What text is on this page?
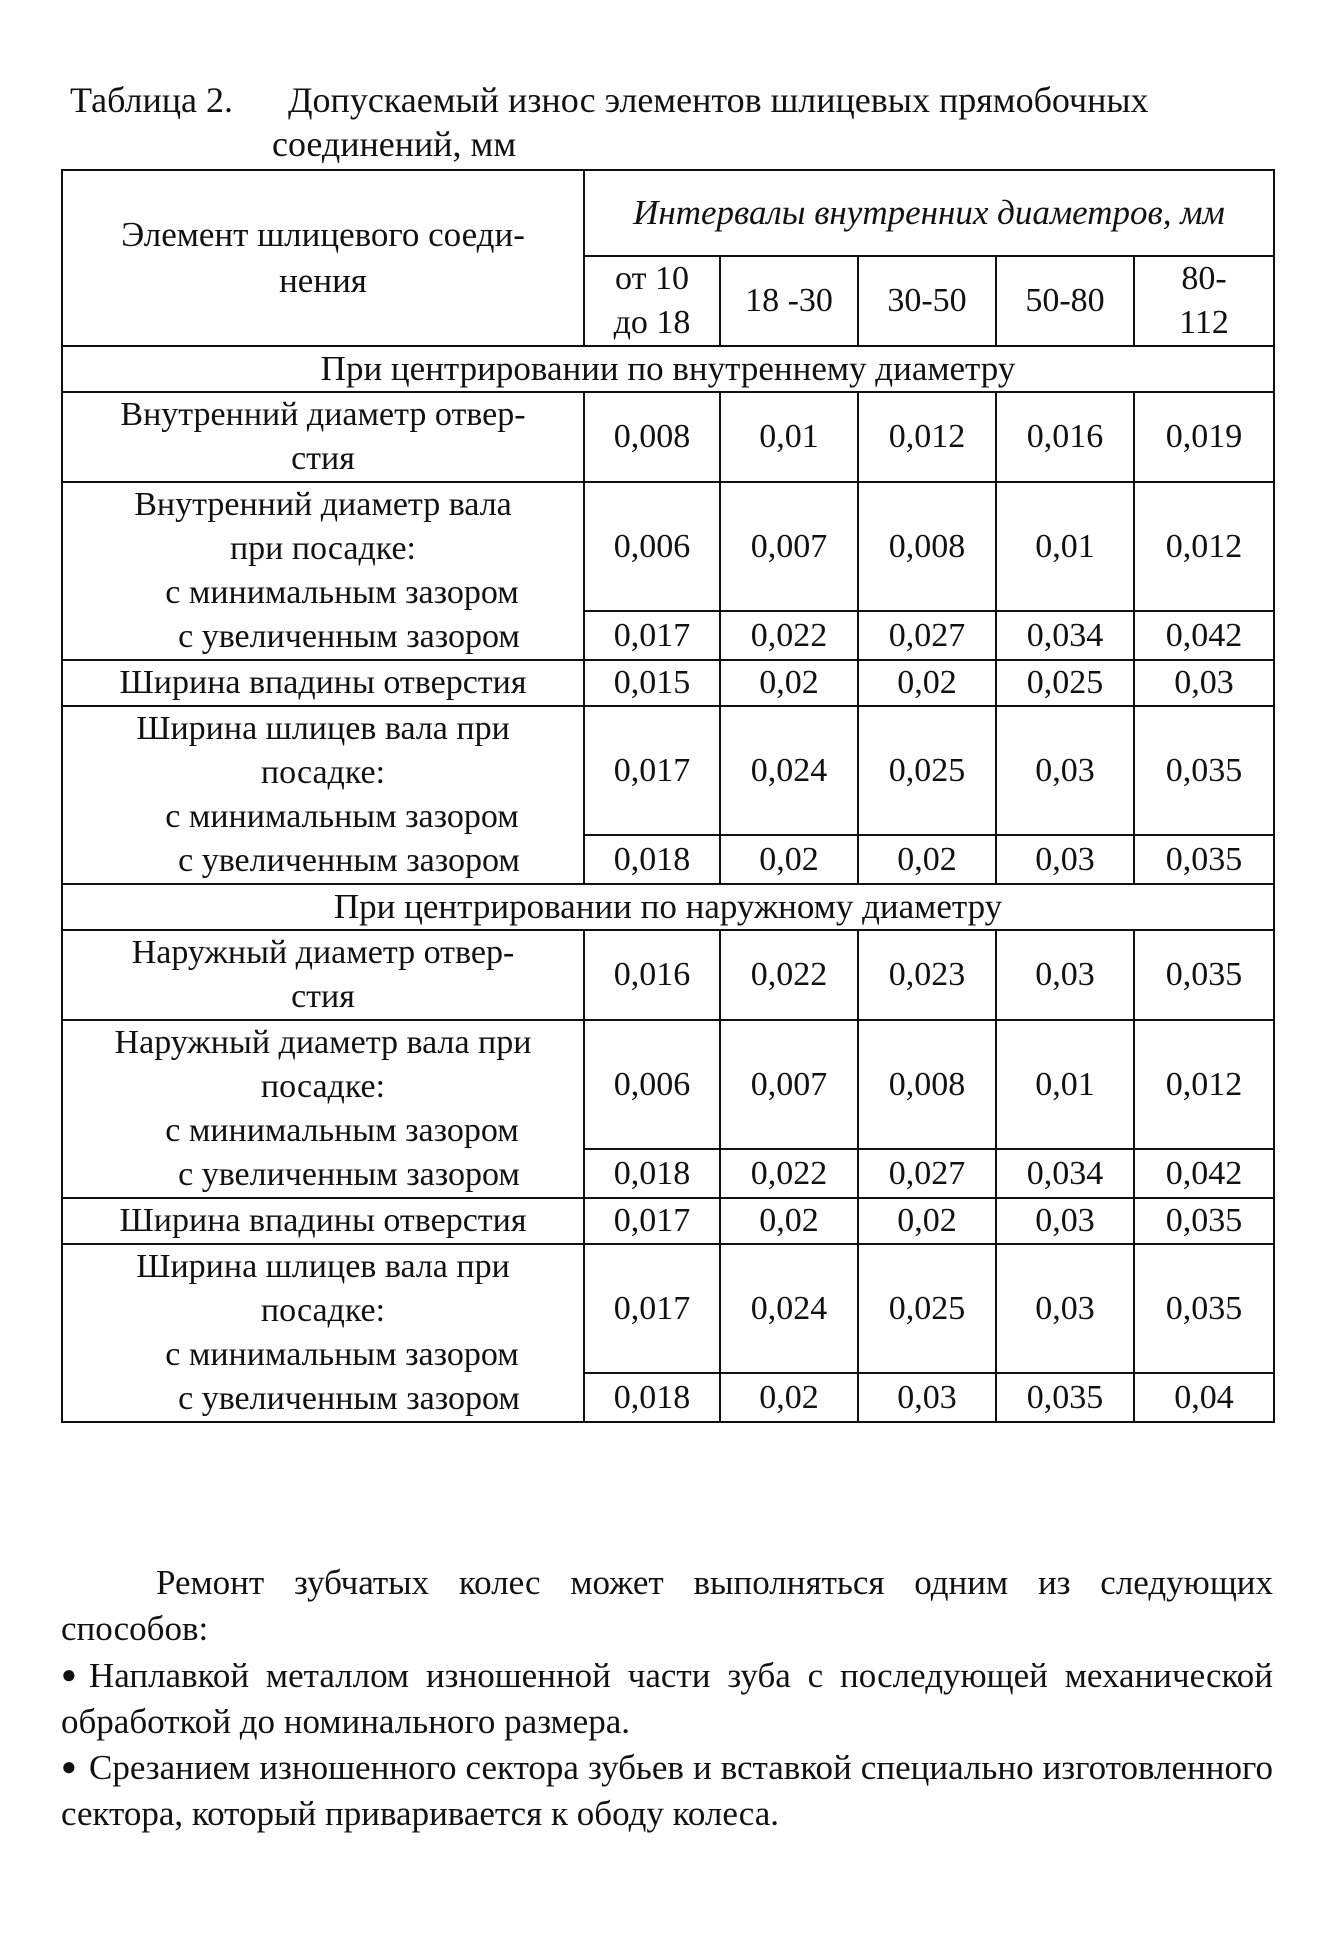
Таблица 2. Допускаемый износ элементов шлицевых прямобочных
соединений, мм
Элемент шлицевого соеди-
нения	Интервалы внутренних диаметров, мм				

	от 10
до 18	18 -30	30-50	50-80	80-
112

При центрировании по внутреннему диаметру					

Внутренний диаметр отвер-
стия	0,008	0,01	0,012	0,016	0,019

Внутренний диаметр вала
при посадке:
с минимальным зазором
с увеличенным зазором	0,006	0,007	0,008	0,01	0,012
	0,017	0,022	0,027	0,034	0,042

Ширина впадины отверстия	0,015	0,02	0,02	0,025	0,03

Ширина шлицев вала при
посадке:
с минимальным зазором
с увеличенным зазором	0,017	0,024	0,025	0,03	0,035
	0,018	0,02	0,02	0,03	0,035
При центрировании по наружному диаметру					

Наружный диаметр отвер-
стия	0,016	0,022	0,023	0,03	0,035

Наружный диаметр вала при
посадке:
с минимальным зазором
с увеличенным зазором	0,006	0,007	0,008	0,01	0,012
	0,018	0,022	0,027	0,034	0,042

Ширина впадины отверстия	0,017	0,02	0,02	0,03	0,035

Ширина шлицев вала при
посадке:
с минимальным зазором
с увеличенным зазором	0,017	0,024	0,025	0,03	0,035
	0,018	0,02	0,03	0,035	0,04
Ремонт зубчатых колес может выполняться одним из следующих способов:
● Наплавкой металлом изношенной части зуба с последующей механической обработкой до номинального размера.
● Срезанием изношенного сектора зубьев и вставкой специально изготовленного сектора, который приваривается к ободу колеса.
